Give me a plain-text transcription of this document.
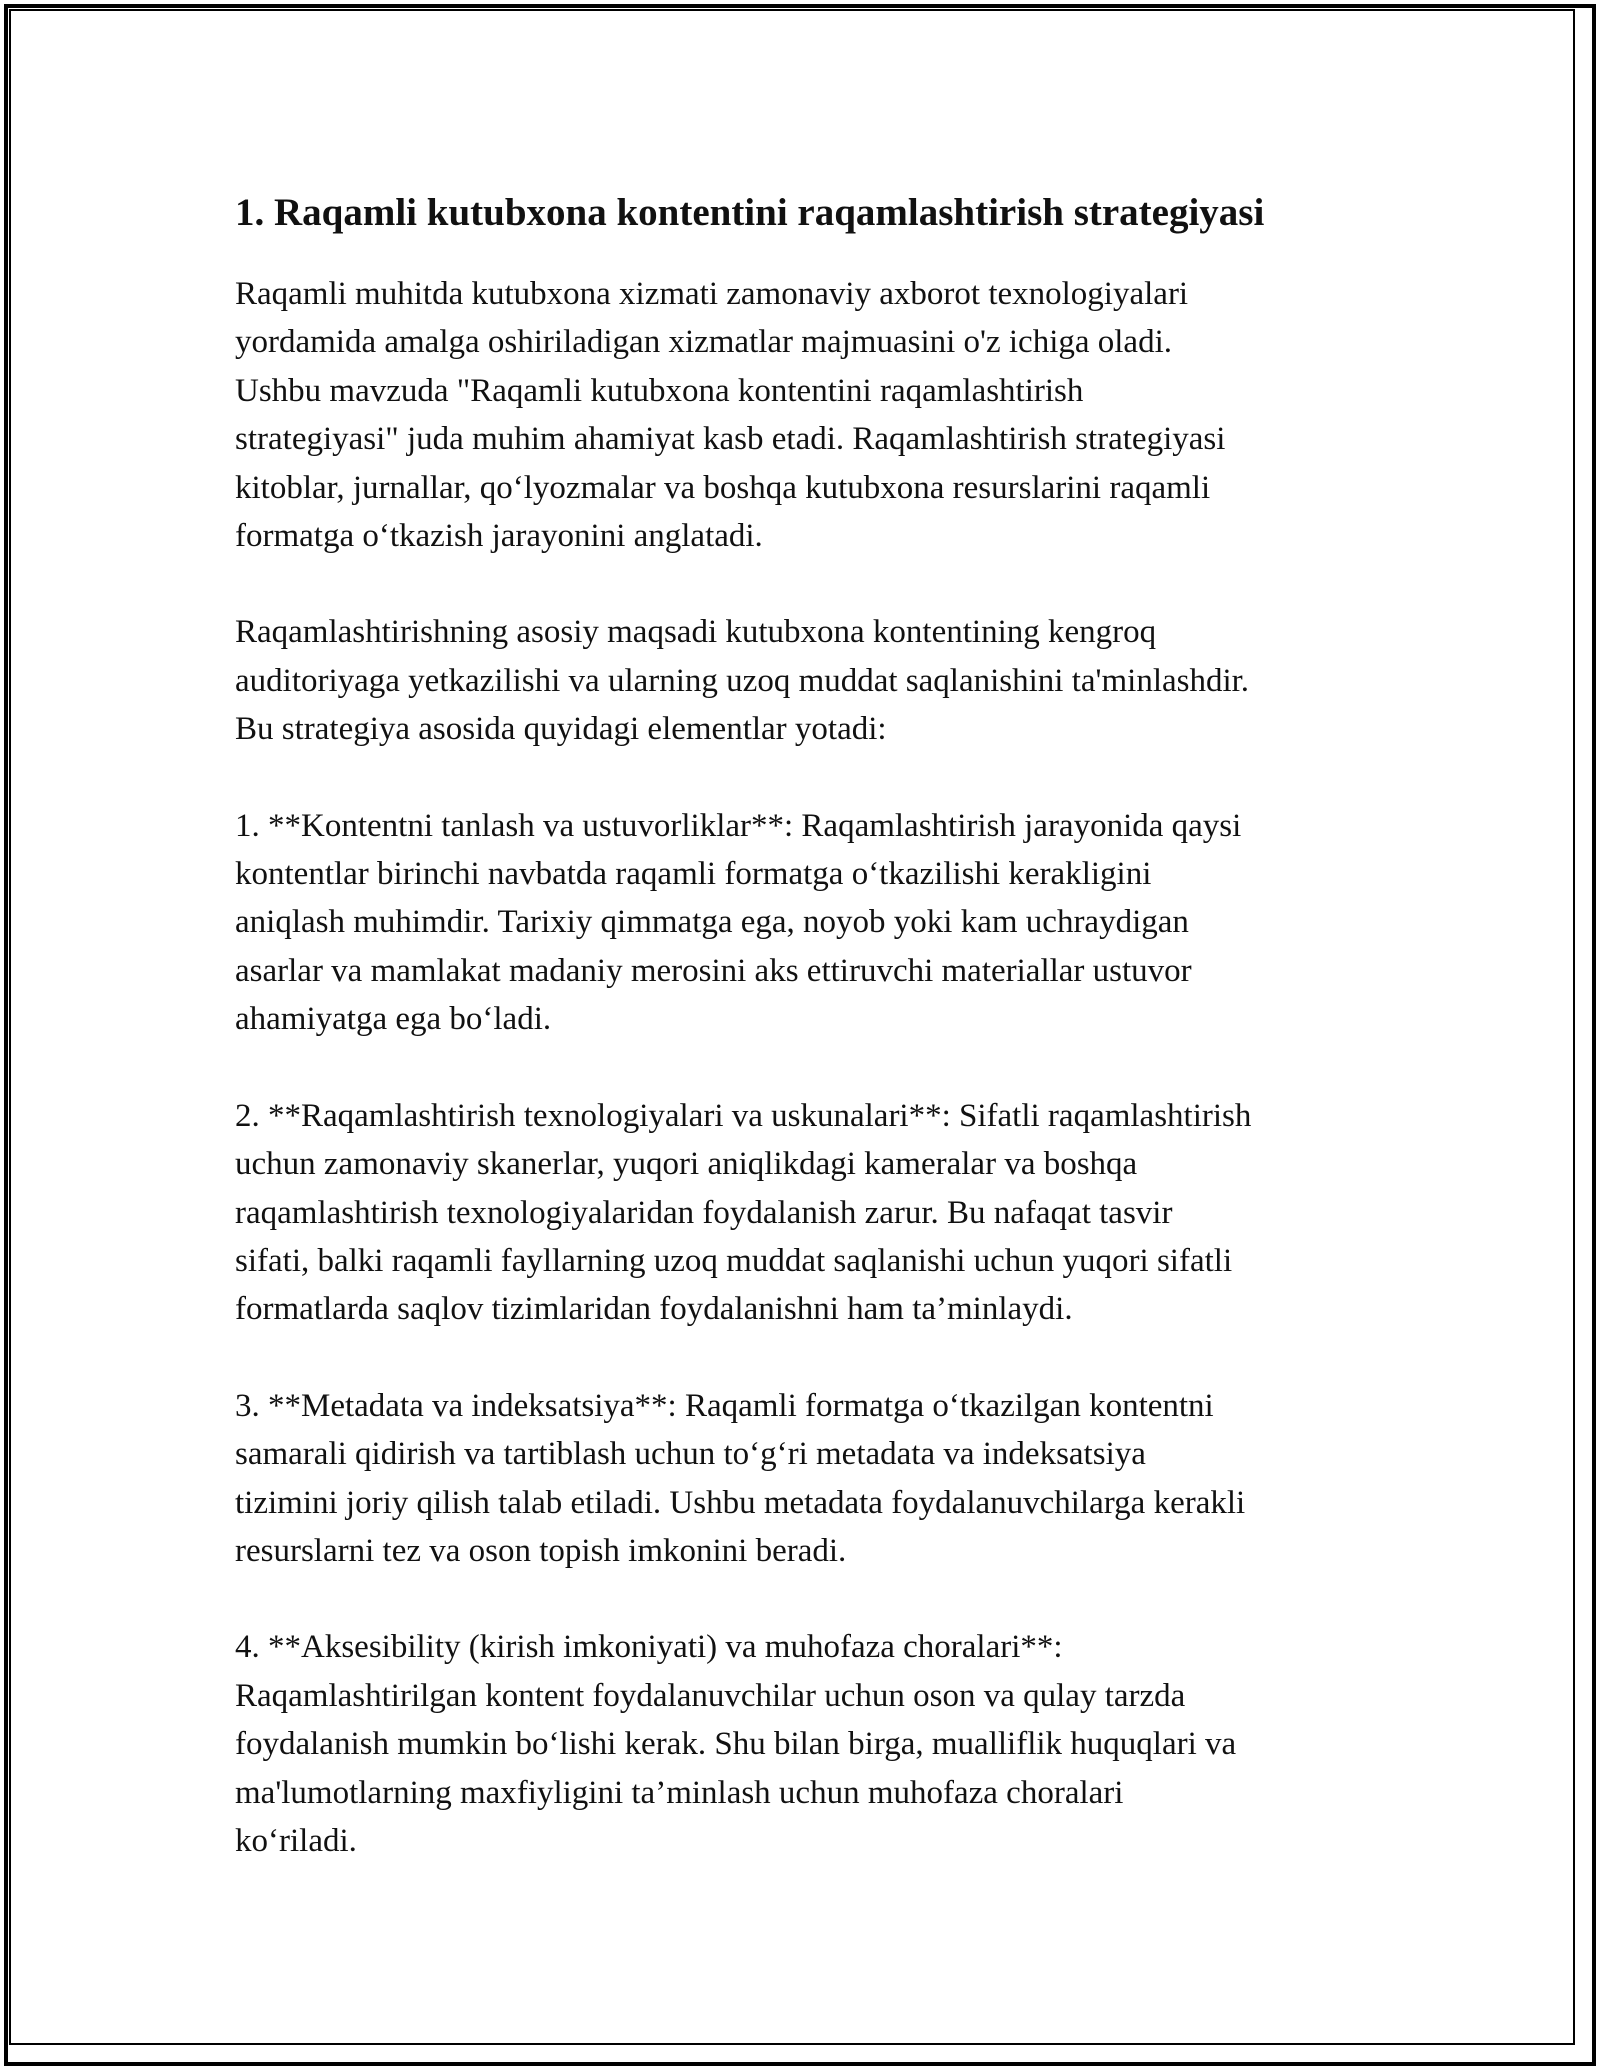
1. Raqamli kutubxona kontentini raqamlashtirish strategiyasi

Raqamli muhitda kutubxona xizmati zamonaviy axborot texnologiyalari
yordamida amalga oshiriladigan xizmatlar majmuasini o'z ichiga oladi.
Ushbu mavzuda "Raqamli kutubxona kontentini raqamlashtirish
strategiyasi" juda muhim ahamiyat kasb etadi. Raqamlashtirish strategiyasi
kitoblar, jurnallar, qoʻlyozmalar va boshqa kutubxona resurslarini raqamli
formatga oʻtkazish jarayonini anglatadi.

Raqamlashtirishning asosiy maqsadi kutubxona kontentining kengroq
auditoriyaga yetkazilishi va ularning uzoq muddat saqlanishini ta'minlashdir.
Bu strategiya asosida quyidagi elementlar yotadi:

1. **Kontentni tanlash va ustuvorliklar**: Raqamlashtirish jarayonida qaysi
kontentlar birinchi navbatda raqamli formatga oʻtkazilishi kerakligini
aniqlash muhimdir. Tarixiy qimmatga ega, noyob yoki kam uchraydigan
asarlar va mamlakat madaniy merosini aks ettiruvchi materiallar ustuvor
ahamiyatga ega boʻladi.

2. **Raqamlashtirish texnologiyalari va uskunalari**: Sifatli raqamlashtirish
uchun zamonaviy skanerlar, yuqori aniqlikdagi kameralar va boshqa
raqamlashtirish texnologiyalaridan foydalanish zarur. Bu nafaqat tasvir
sifati, balki raqamli fayllarning uzoq muddat saqlanishi uchun yuqori sifatli
formatlarda saqlov tizimlaridan foydalanishni ham ta’minlaydi.

3. **Metadata va indeksatsiya**: Raqamli formatga oʻtkazilgan kontentni
samarali qidirish va tartiblash uchun toʻgʻri metadata va indeksatsiya
tizimini joriy qilish talab etiladi. Ushbu metadata foydalanuvchilarga kerakli
resurslarni tez va oson topish imkonini beradi.

4. **Aksesibility (kirish imkoniyati) va muhofaza choralari**:
Raqamlashtirilgan kontent foydalanuvchilar uchun oson va qulay tarzda
foydalanish mumkin boʻlishi kerak. Shu bilan birga, mualliflik huquqlari va
ma'lumotlarning maxfiyligini ta’minlash uchun muhofaza choralari
koʻriladi.
